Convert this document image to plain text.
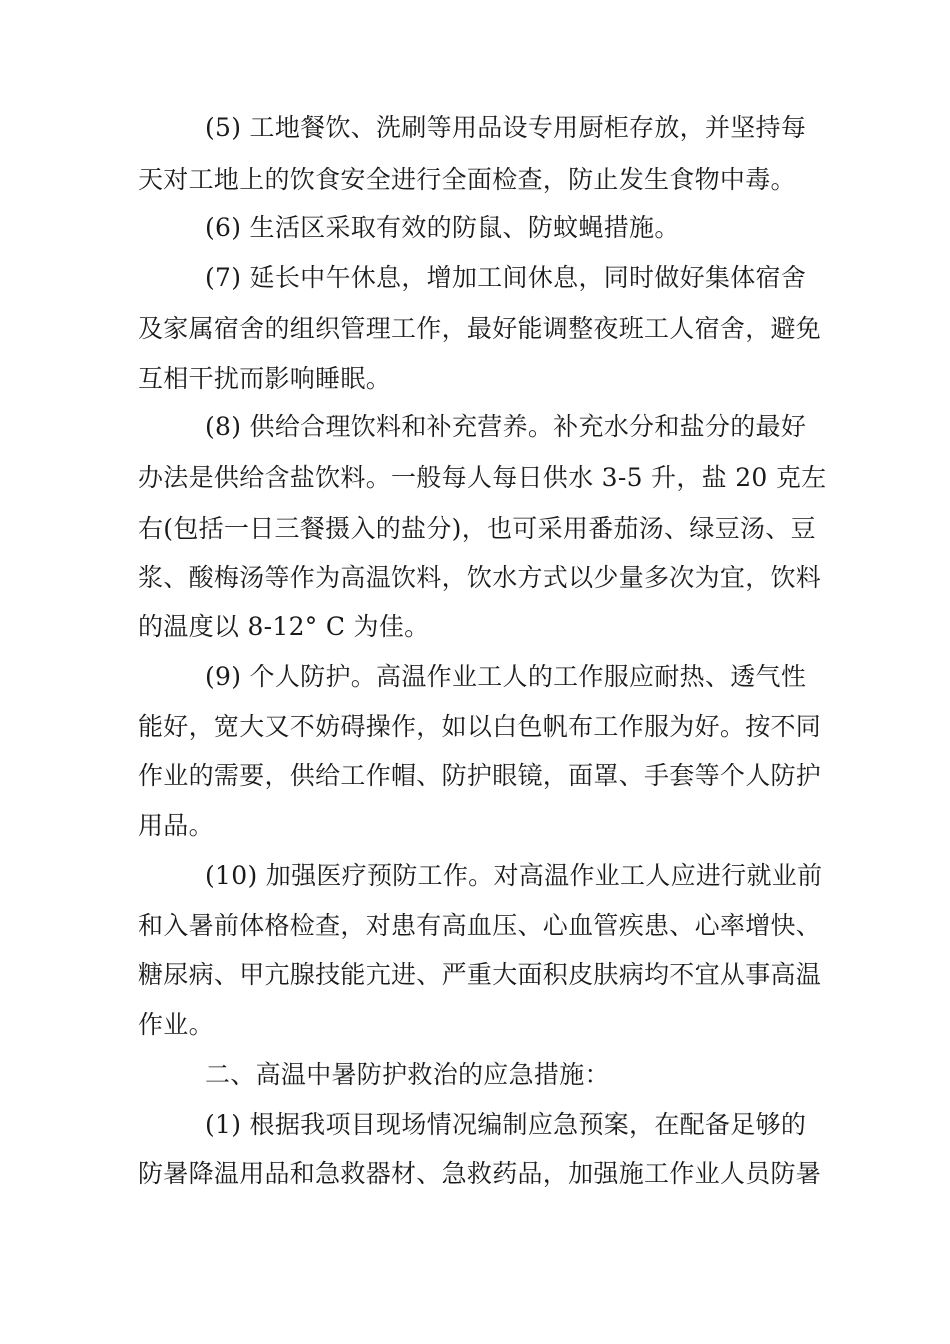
(5) 工地餐饮、洗刷等用品设专用厨柜存放，并坚持每
天对工地上的饮食安全进行全面检查，防止发生食物中毒。
(6) 生活区采取有效的防鼠、防蚊蝇措施。
(7) 延长中午休息，增加工间休息，同时做好集体宿舍
及家属宿舍的组织管理工作，最好能调整夜班工人宿舍，避免
互相干扰而影响睡眠。
(8) 供给合理饮料和补充营养。补充水分和盐分的最好
办法是供给含盐饮料。一般每人每日供水 3-5 升，盐 20 克左
右(包括一日三餐摄入的盐分)，也可采用番茄汤、绿豆汤、豆
浆、酸梅汤等作为高温饮料，饮水方式以少量多次为宜，饮料
的温度以 8-12° C 为佳。
(9) 个人防护。高温作业工人的工作服应耐热、透气性
能好，宽大又不妨碍操作，如以白色帆布工作服为好。按不同
作业的需要，供给工作帽、防护眼镜，面罩、手套等个人防护
用品。
(10) 加强医疗预防工作。对高温作业工人应进行就业前
和入暑前体格检查，对患有高血压、心血管疾患、心率增快、
糖尿病、甲亢腺技能亢进、严重大面积皮肤病均不宜从事高温
作业。
二、高温中暑防护救治的应急措施：
(1) 根据我项目现场情况编制应急预案，在配备足够的
防暑降温用品和急救器材、急救药品，加强施工作业人员防暑
